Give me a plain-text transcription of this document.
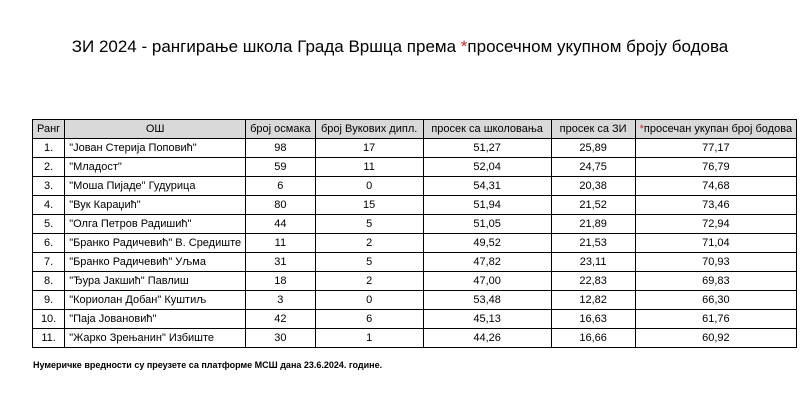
ЗИ 2024 - рангирање школа Града Вршца према *просечном укупном броју бодова
Ранг	ОШ	број осмака	број Вукових дипл.	просек са школовања	просек са ЗИ	*просечан укупан број бодова
1.	"Јован Стерија Поповић"	98	17	51,27	25,89	77,17
2.	"Младост"	59	11	52,04	24,75	76,79
3.	"Моша Пијаде" Гудурица	6	0	54,31	20,38	74,68
4.	"Вук Караџић"	80	15	51,94	21,52	73,46
5.	"Олга Петров Радишић"	44	5	51,05	21,89	72,94
6.	"Бранко Радичевић" В. Средиште	11	2	49,52	21,53	71,04
7.	"Бранко Радичевић" Уљма	31	5	47,82	23,11	70,93
8.	"Ђура Јакшић" Павлиш	18	2	47,00	22,83	69,83
9.	"Кориолан Добан" Куштиљ	3	0	53,48	12,82	66,30
10.	"Паја Јовановић"	42	6	45,13	16,63	61,76
11.	"Жарко Зрењанин" Избиште	30	1	44,26	16,66	60,92

Нумеричке вредности су преузете са платформе МСШ дана 23.6.2024. године.
